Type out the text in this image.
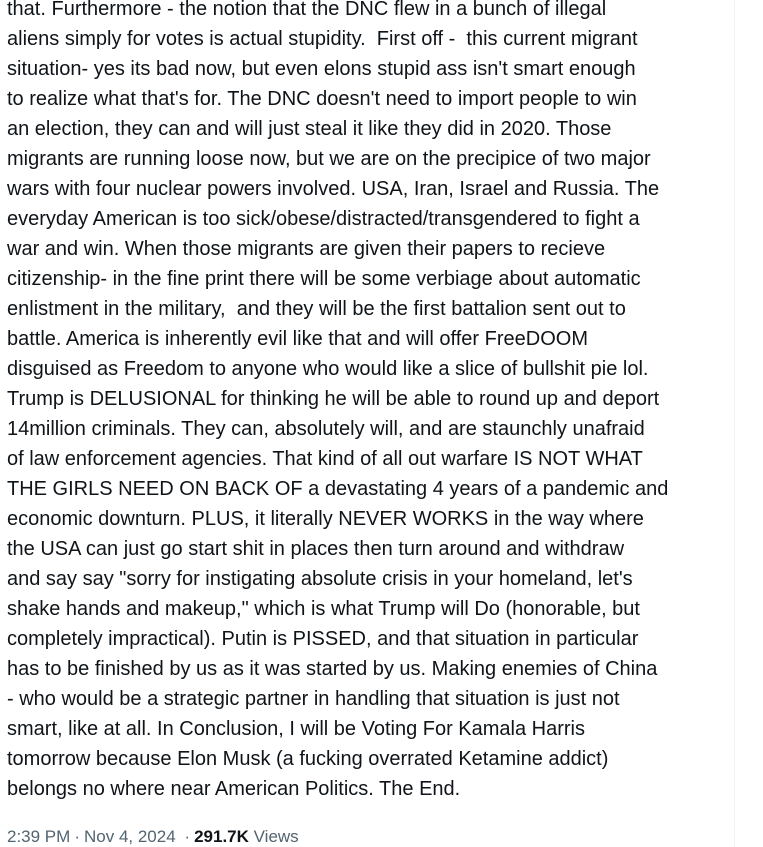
that. Furthermore - the notion that the DNC flew in a bunch of illegal
aliens simply for votes is actual stupidity.  First off -  this current migrant
situation- yes its bad now, but even elons stupid ass isn't smart enough
to realize what that's for. The DNC doesn't need to import people to win
an election, they can and will just steal it like they did in 2020. Those
migrants are running loose now, but we are on the precipice of two major
wars with four nuclear powers involved. USA, Iran, Israel and Russia. The
everyday American is too sick/obese/distracted/transgendered to fight a
war and win. When those migrants are given their papers to recieve
citizenship- in the fine print there will be some verbiage about automatic
enlistment in the military,  and they will be the first battalion sent out to
battle. America is inherently evil like that and will offer FreeDOOM
disguised as Freedom to anyone who would like a slice of bullshit pie lol.
Trump is DELUSIONAL for thinking he will be able to round up and deport
14million criminals. They can, absolutely will, and are staunchly unafraid
of law enforcement agencies. That kind of all out warfare IS NOT WHAT
THE GIRLS NEED ON BACK OF a devastating 4 years of a pandemic and
economic downturn. PLUS, it literally NEVER WORKS in the way where
the USA can just go start shit in places then turn around and withdraw
and say say "sorry for instigating absolute crisis in your homeland, let's
shake hands and makeup," which is what Trump will Do (honorable, but
completely impractical). Putin is PISSED, and that situation in particular
has to be finished by us as it was started by us. Making enemies of China
- who would be a strategic partner in handling that situation is just not
smart, like at all. In Conclusion, I will be Voting For Kamala Harris
tomorrow because Elon Musk (a fucking overrated Ketamine addict)
belongs no where near American Politics. The End.
2:39 PM · Nov 4, 2024 · 291.7K Views
